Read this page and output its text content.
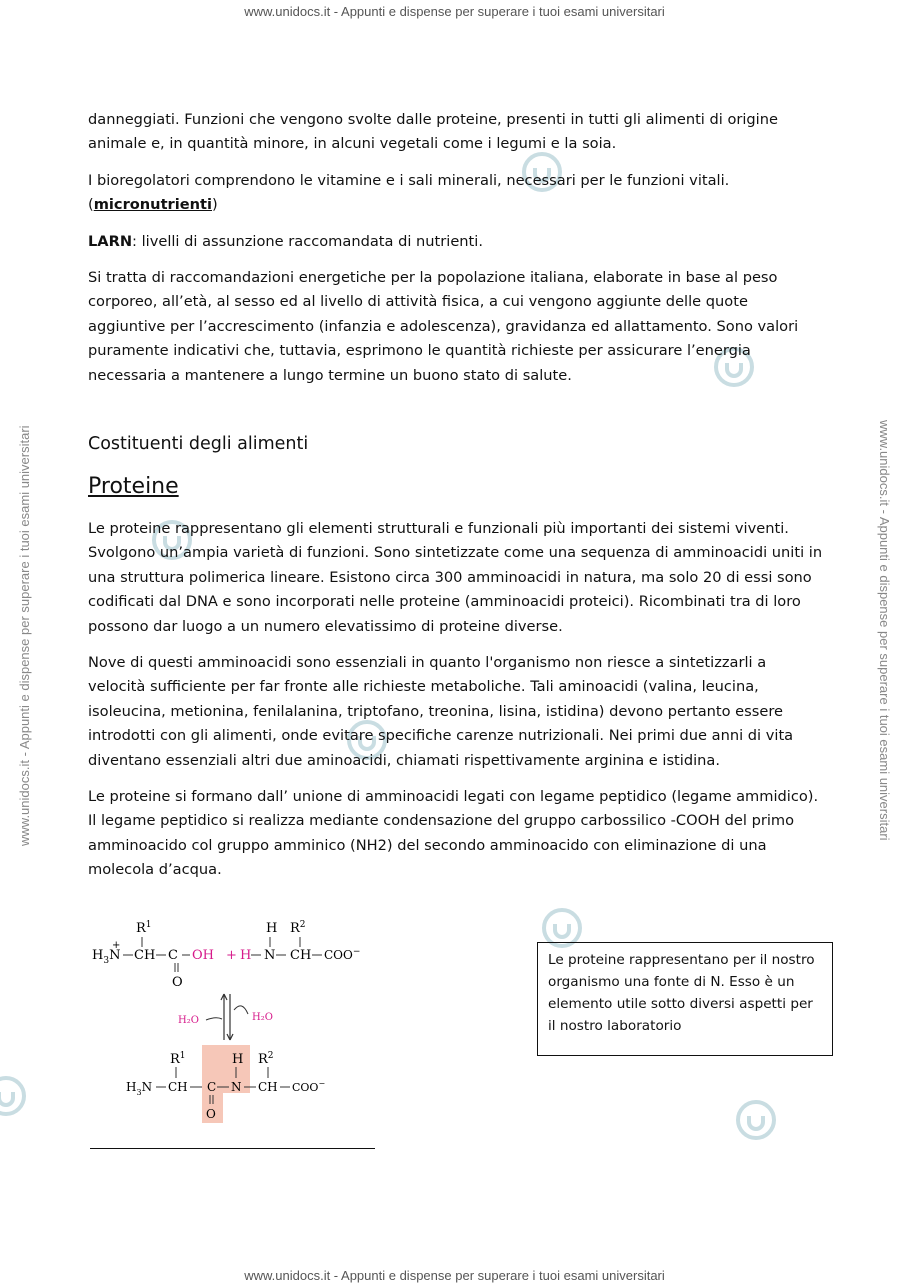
www.unidocs.it - Appunti e dispense per superare i tuoi esami universitari
www.unidocs.it - Appunti e dispense per superare i tuoi esami universitari
www.unidocs.it - Appunti e dispense per superare i tuoi esami universitari	www.unidocs.it - Appunti e dispense per superare i tuoi esami universitari

danneggiati. Funzioni che vengono svolte dalle proteine, presenti in tutti gli alimenti di origine animale e, in quantità minore, in alcuni vegetali come i legumi e la soia.

I bioregolatori comprendono le vitamine e i sali minerali, necessari per le funzioni vitali. (micronutrienti)

LARN: livelli di assunzione raccomandata di nutrienti.

Si tratta di raccomandazioni energetiche per la popolazione italiana, elaborate in base al peso corporeo, all’età, al sesso ed al livello di attività fisica, a cui vengono aggiunte delle quote aggiuntive per l’accrescimento (infanzia e adolescenza), gravidanza ed allattamento. Sono valori puramente indicativi che, tuttavia, esprimono le quantità richieste per assicurare l’energia necessaria a mantenere a lungo termine un buono stato di salute.

Costituenti degli alimenti
Proteine

Le proteine rappresentano gli elementi strutturali e funzionali più importanti dei sistemi viventi. Svolgono un’ampia varietà di funzioni. Sono sintetizzate come una sequenza di amminoacidi uniti in una struttura polimerica lineare. Esistono circa 300 amminoacidi in natura, ma solo 20 di essi sono codificati dal DNA e sono incorporati nelle proteine (amminoacidi proteici). Ricombinati tra di loro possono dar luogo a un numero elevatissimo di proteine diverse.

Nove di questi amminoacidi sono essenziali in quanto l'organismo non riesce a sintetizzarli a velocità sufficiente per far fronte alle richieste metaboliche. Tali aminoacidi (valina, leucina, isoleucina, metionina, fenilalanina, triptofano, treonina, lisina, istidina) devono pertanto essere introdotti con gli alimenti, onde evitare specifiche carenze nutrizionali. Nei primi due anni di vita diventano essenziali altri due aminoacidi, chiamati rispettivamente arginina e istidina.

Le proteine si formano dall’ unione di amminoacidi legati con legame peptidico (legame ammidico). Il legame peptidico si realizza mediante condensazione del gruppo carbossilico -COOH del primo amminoacido col gruppo amminico (NH2) del secondo amminoacido con eliminazione di una molecola d’acqua.

$R^1$
$H_3N$
+
CH C
O
OH + H N
H $R^2$
CH COO−
H₂O	H₂O
$R^1$
$H_3N$ CH C
O
N
H $R^2$
CH COO−
Le proteine rappresentano per il nostro organismo una fonte di N. Esso è un elemento utile sotto diversi aspetti per il nostro laboratorio
